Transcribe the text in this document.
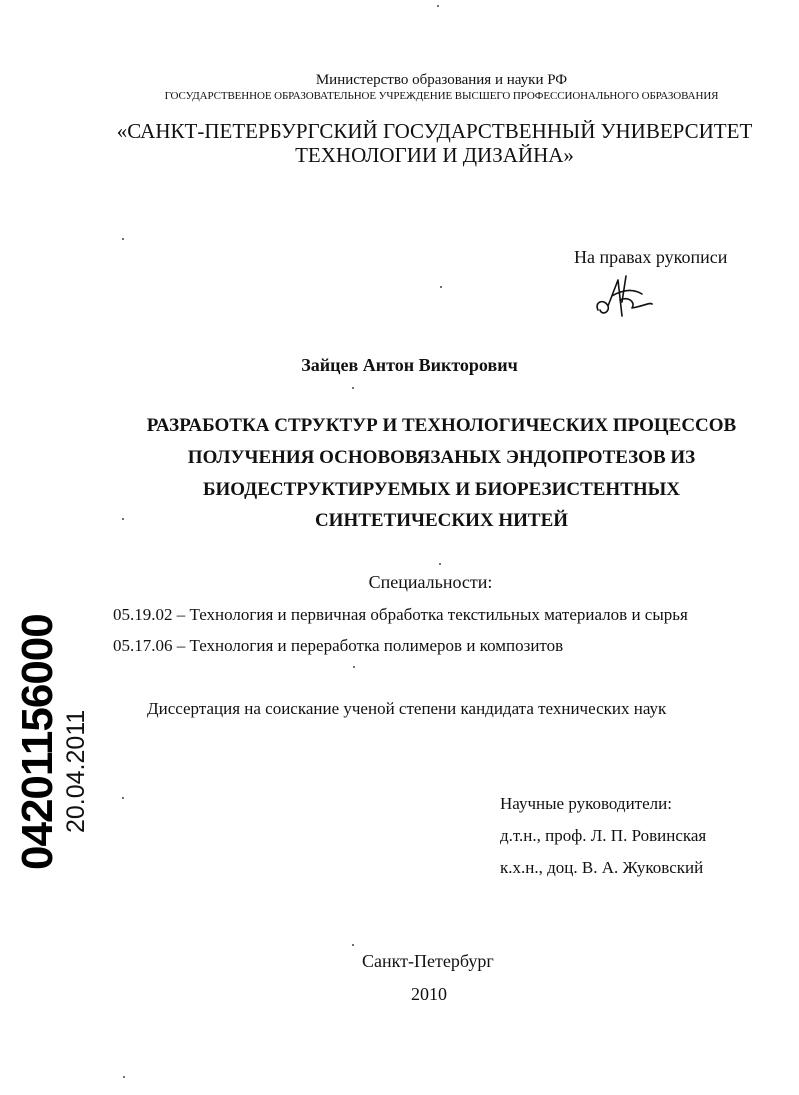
Министерство образования и науки РФ
ГОСУДАРСТВЕННОЕ ОБРАЗОВАТЕЛЬНОЕ УЧРЕЖДЕНИЕ ВЫСШЕГО ПРОФЕССИОНАЛЬНОГО ОБРАЗОВАНИЯ
«САНКТ-ПЕТЕРБУРГСКИЙ ГОСУДАРСТВЕННЫЙ УНИВЕРСИТЕТ
ТЕХНОЛОГИИ И ДИЗАЙНА»
На правах рукописи
Зайцев Антон Викторович
РАЗРАБОТКА СТРУКТУР И ТЕХНОЛОГИЧЕСКИХ ПРОЦЕССОВ
ПОЛУЧЕНИЯ ОСНОВОВЯЗАНЫХ ЭНДОПРОТЕЗОВ ИЗ
БИОДЕСТРУКТИРУЕМЫХ И БИОРЕЗИСТЕНТНЫХ
СИНТЕТИЧЕСКИХ НИТЕЙ
Специальности:
05.19.02 – Технология и первичная обработка текстильных материалов и сырья
05.17.06 – Технология и переработка полимеров и композитов
Диссертация на соискание ученой степени кандидата технических наук
Научные руководители:
д.т.н., проф. Л. П. Ровинская
к.х.н., доц. В. А. Жуковский
Санкт-Петербург
2010
04201156000 20.04.2011
